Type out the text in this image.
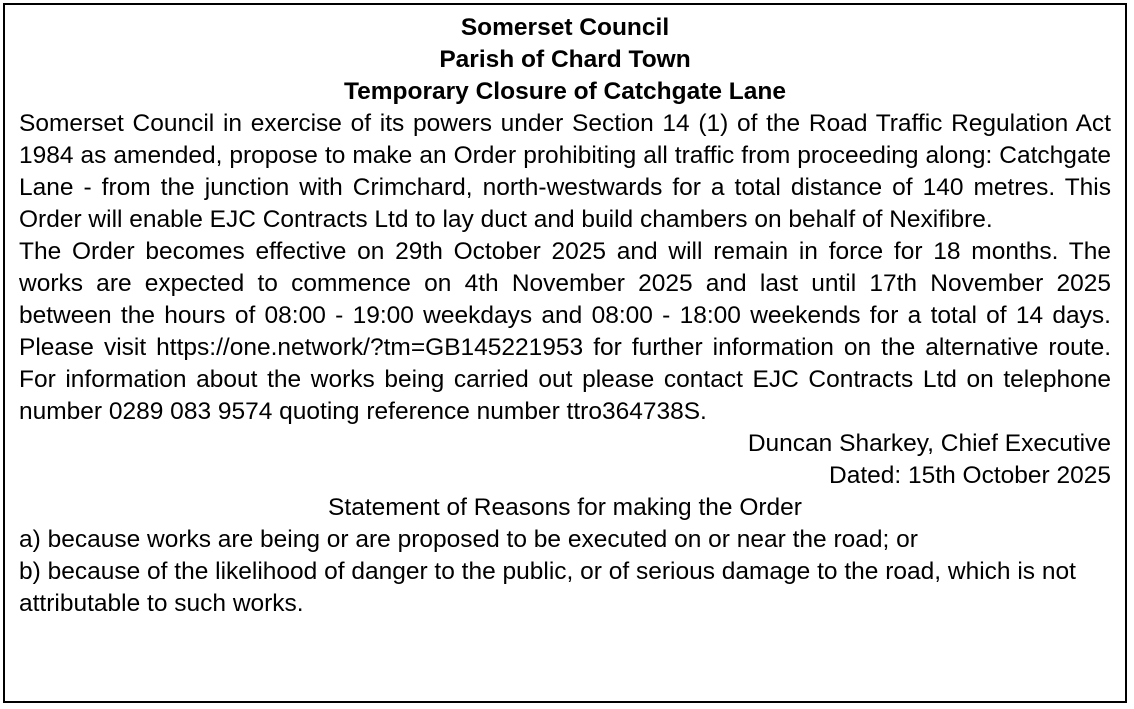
Somerset Council

Parish of Chard Town

Temporary Closure of Catchgate Lane

Somerset Council in exercise of its powers under Section 14 (1) of the Road Traffic Regulation Act 1984 as amended, propose to make an Order prohibiting all traffic from proceeding along: Catchgate Lane - from the junction with Crimchard, north-westwards for a total distance of 140 metres. This Order will enable EJC Contracts Ltd to lay duct and build chambers on behalf of Nexifibre.

The Order becomes effective on 29th October 2025 and will remain in force for 18 months. The works are expected to commence on 4th November 2025 and last until 17th November 2025 between the hours of 08:00 - 19:00 weekdays and 08:00 - 18:00 weekends for a total of 14 days. Please visit https://one.network/?tm=GB145221953 for further information on the alternative route. For information about the works being carried out please contact EJC Contracts Ltd on telephone number 0289 083 9574 quoting reference number ttro364738S.

Duncan Sharkey, Chief Executive

Dated: 15th October 2025

Statement of Reasons for making the Order

a) because works are being or are proposed to be executed on or near the road; or

b) because of the likelihood of danger to the public, or of serious damage to the road, which is not attributable to such works.
